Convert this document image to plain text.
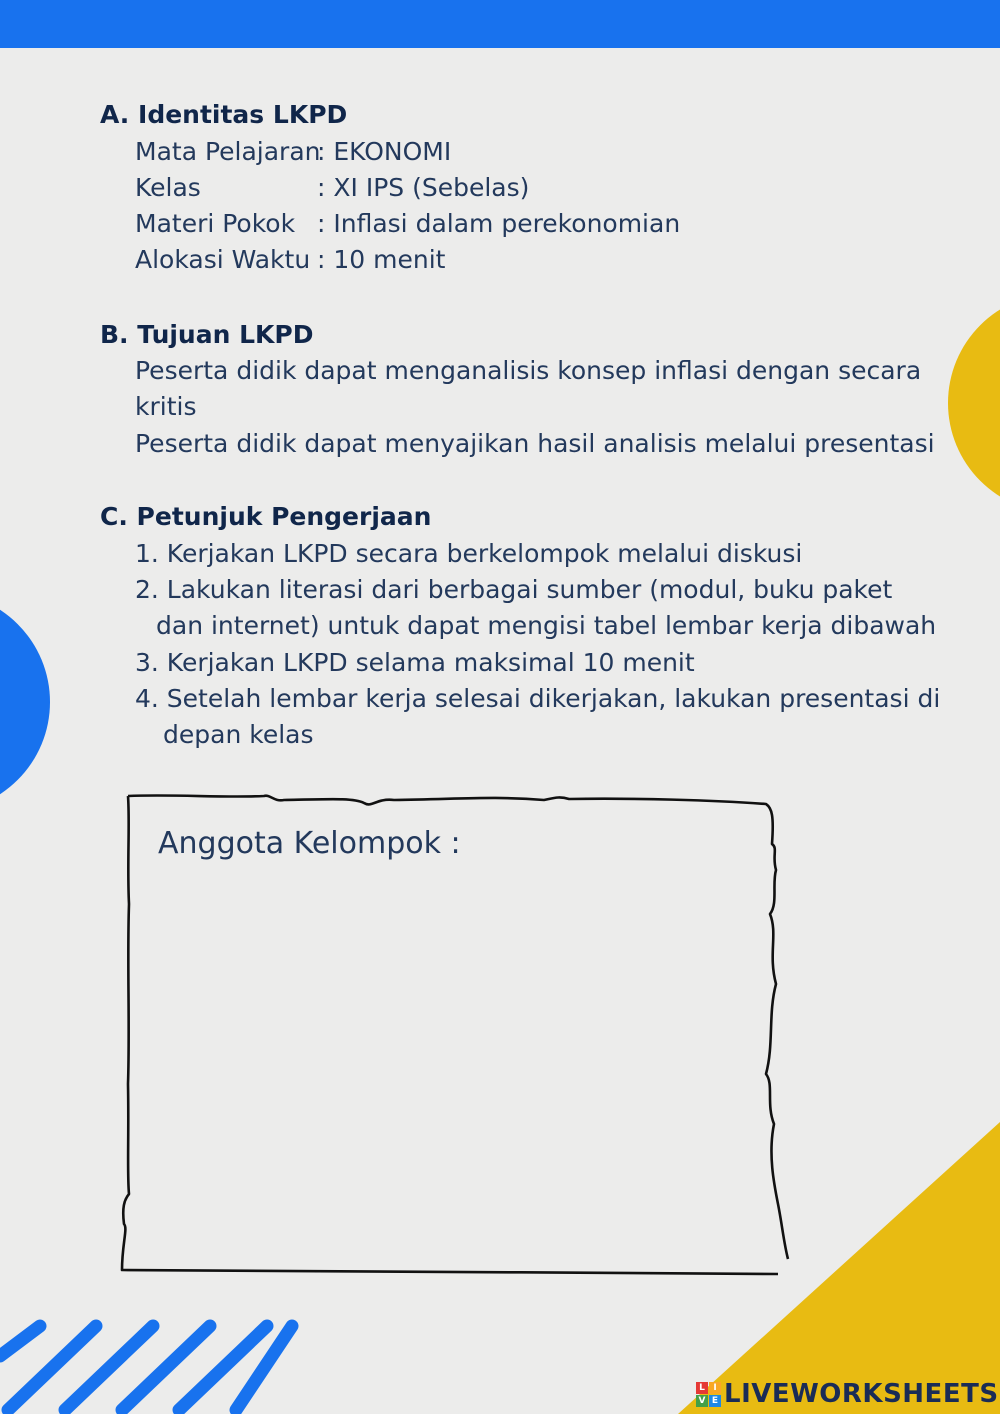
A. Identitas LKPD
Mata Pelajaran: EKONOMI
Kelas	: XI IPS (Sebelas)
Materi Pokok : Inflasi dalam perekonomian
Alokasi Waktu : 10 menit
B. Tujuan LKPD
Peserta didik dapat menganalisis konsep inflasi dengan secara
kritis
Peserta didik dapat menyajikan hasil analisis melalui presentasi
C. Petunjuk Pengerjaan
1. Kerjakan LKPD secara berkelompok melalui diskusi
2. Lakukan literasi dari berbagai sumber (modul, buku paket
dan internet) untuk dapat mengisi tabel lembar kerja dibawah
3. Kerjakan LKPD selama maksimal 10 menit
4. Setelah lembar kerja selesai dikerjakan, lakukan presentasi di
depan kelas
Anggota Kelompok :
L I
V E LIVEWORKSHEETS
